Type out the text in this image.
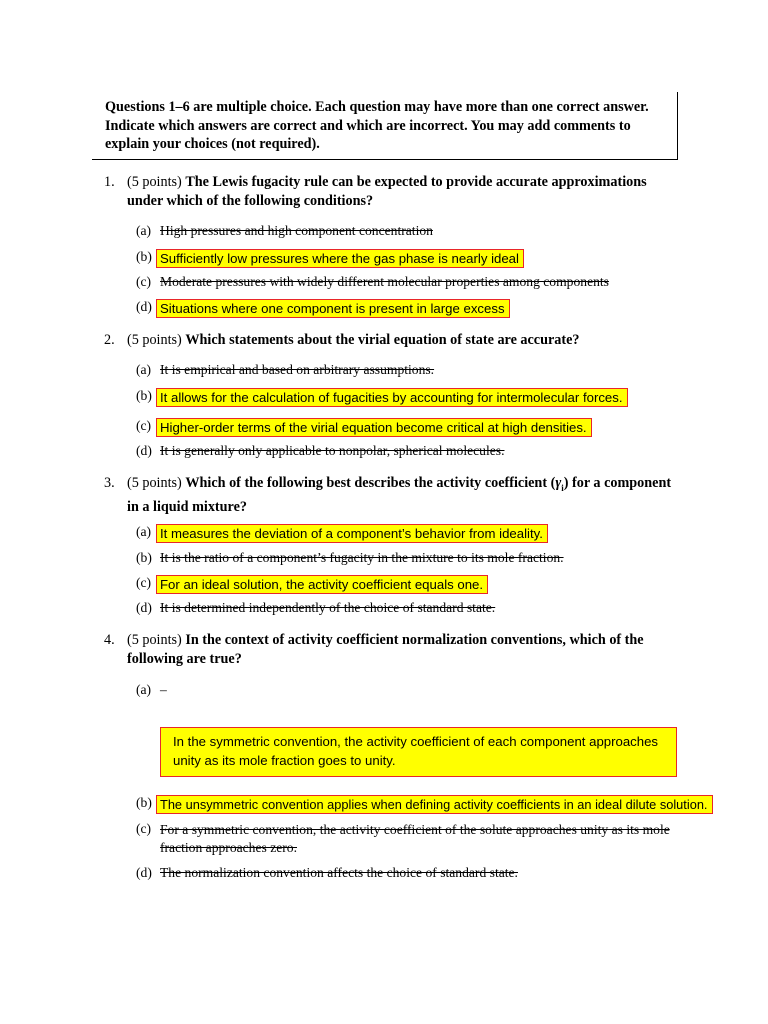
Questions 1–6 are multiple choice. Each question may have more than one correct answer. Indicate which answers are correct and which are incorrect. You may add comments to explain your choices (not required).

1. (5 points) The Lewis fugacity rule can be expected to provide accurate approximations under which of the following conditions?
(a) High pressures and high component concentration
(b) Sufficiently low pressures where the gas phase is nearly ideal
(c) Moderate pressures with widely different molecular properties among components
(d) Situations where one component is present in large excess
2. (5 points) Which statements about the virial equation of state are accurate?
(a) It is empirical and based on arbitrary assumptions.
(b) It allows for the calculation of fugacities by accounting for intermolecular forces.
(c) Higher-order terms of the virial equation become critical at high densities.
(d) It is generally only applicable to nonpolar, spherical molecules.
3. (5 points) Which of the following best describes the activity coefficient $(\gamma_i)$ for a component in a liquid mixture?
(a) It measures the deviation of a component’s behavior from ideality.
(b) It is the ratio of a component’s fugacity in the mixture to its mole fraction.
(c) For an ideal solution, the activity coefficient equals one.
(d) It is determined independently of the choice of standard state.
4. (5 points) In the context of activity coefficient normalization conventions, which of the following are true?
(a) –
In the symmetric convention, the activity coefficient of each component approaches unity as its mole fraction goes to unity.
(b) The unsymmetric convention applies when defining activity coefficients in an ideal dilute solution.
(c) For a symmetric convention, the activity coefficient of the solute approaches unity as its mole fraction approaches zero.
(d) The normalization convention affects the choice of standard state.
